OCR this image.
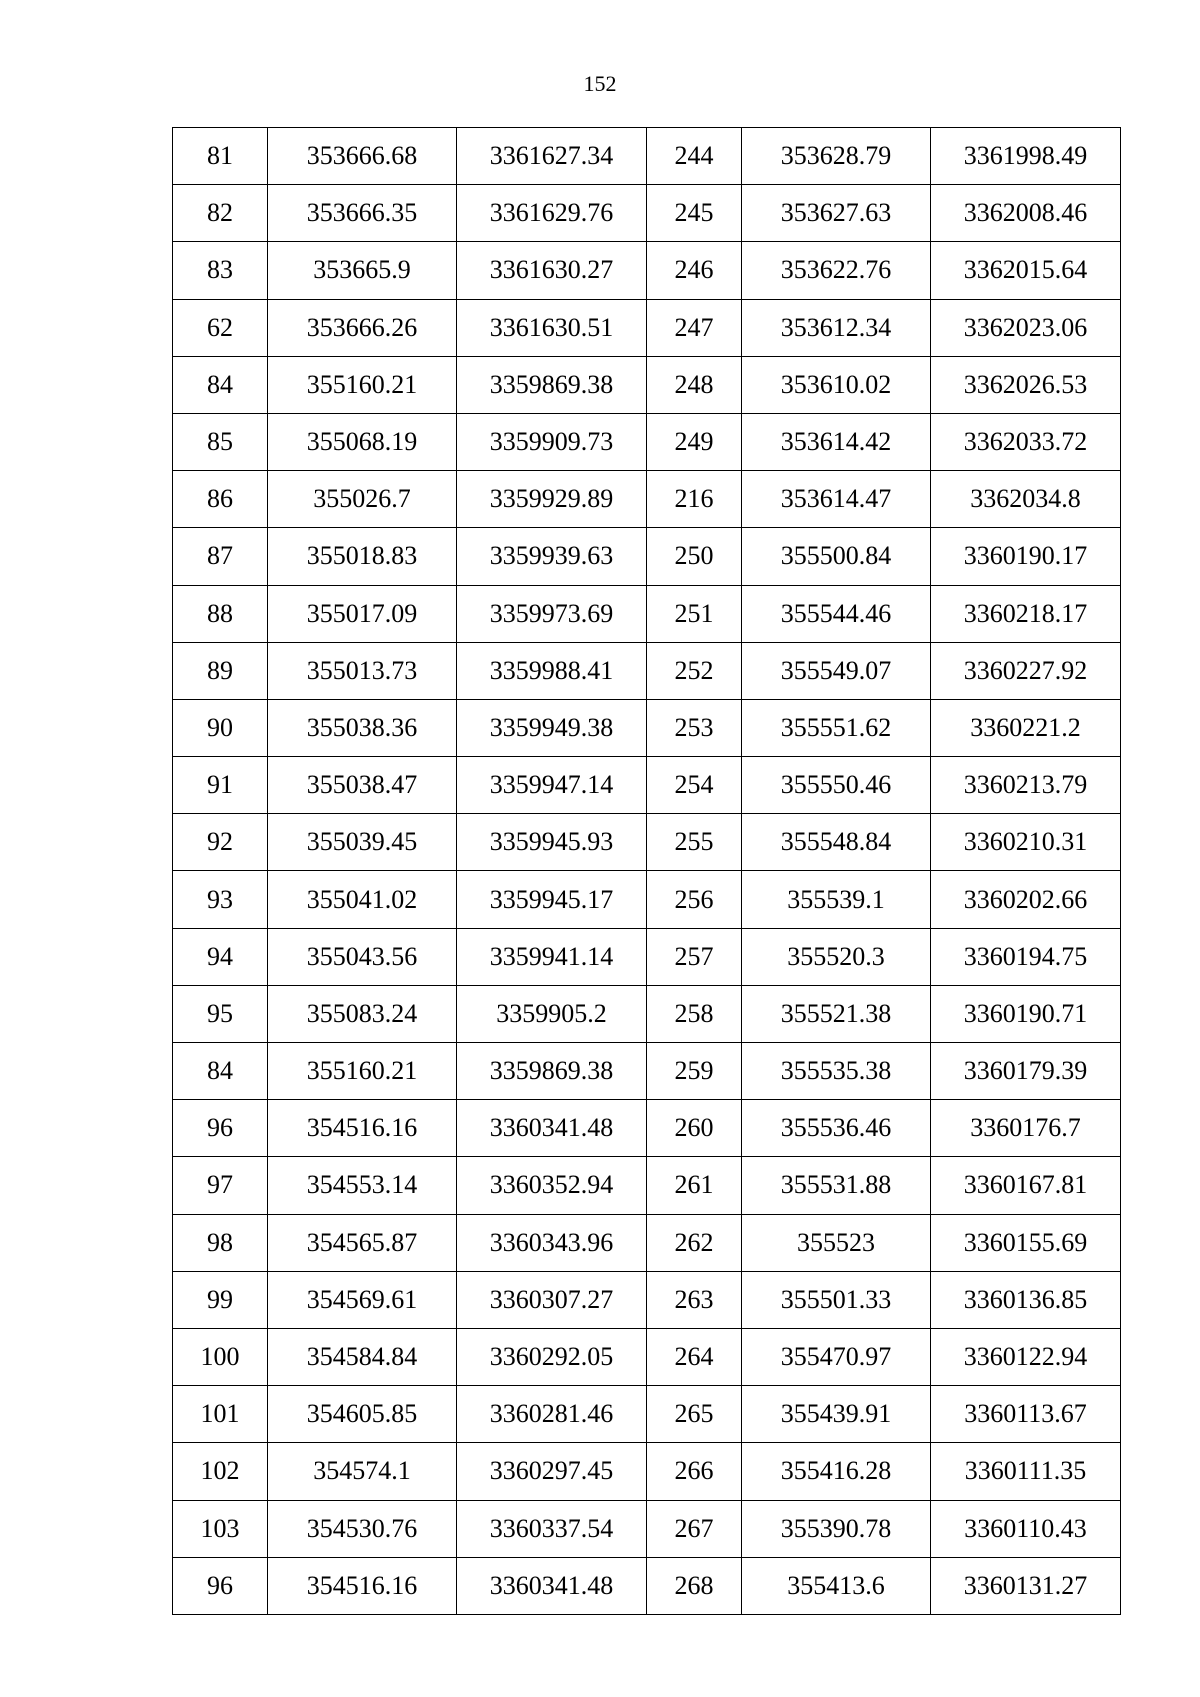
152
81	353666.68	3361627.34	244	353628.79	3361998.49
82	353666.35	3361629.76	245	353627.63	3362008.46
83	353665.9	3361630.27	246	353622.76	3362015.64
62	353666.26	3361630.51	247	353612.34	3362023.06
84	355160.21	3359869.38	248	353610.02	3362026.53
85	355068.19	3359909.73	249	353614.42	3362033.72
86	355026.7	3359929.89	216	353614.47	3362034.8
87	355018.83	3359939.63	250	355500.84	3360190.17
88	355017.09	3359973.69	251	355544.46	3360218.17
89	355013.73	3359988.41	252	355549.07	3360227.92
90	355038.36	3359949.38	253	355551.62	3360221.2
91	355038.47	3359947.14	254	355550.46	3360213.79
92	355039.45	3359945.93	255	355548.84	3360210.31
93	355041.02	3359945.17	256	355539.1	3360202.66
94	355043.56	3359941.14	257	355520.3	3360194.75
95	355083.24	3359905.2	258	355521.38	3360190.71
84	355160.21	3359869.38	259	355535.38	3360179.39
96	354516.16	3360341.48	260	355536.46	3360176.7
97	354553.14	3360352.94	261	355531.88	3360167.81
98	354565.87	3360343.96	262	355523	3360155.69
99	354569.61	3360307.27	263	355501.33	3360136.85
100	354584.84	3360292.05	264	355470.97	3360122.94
101	354605.85	3360281.46	265	355439.91	3360113.67
102	354574.1	3360297.45	266	355416.28	3360111.35
103	354530.76	3360337.54	267	355390.78	3360110.43
96	354516.16	3360341.48	268	355413.6	3360131.27
